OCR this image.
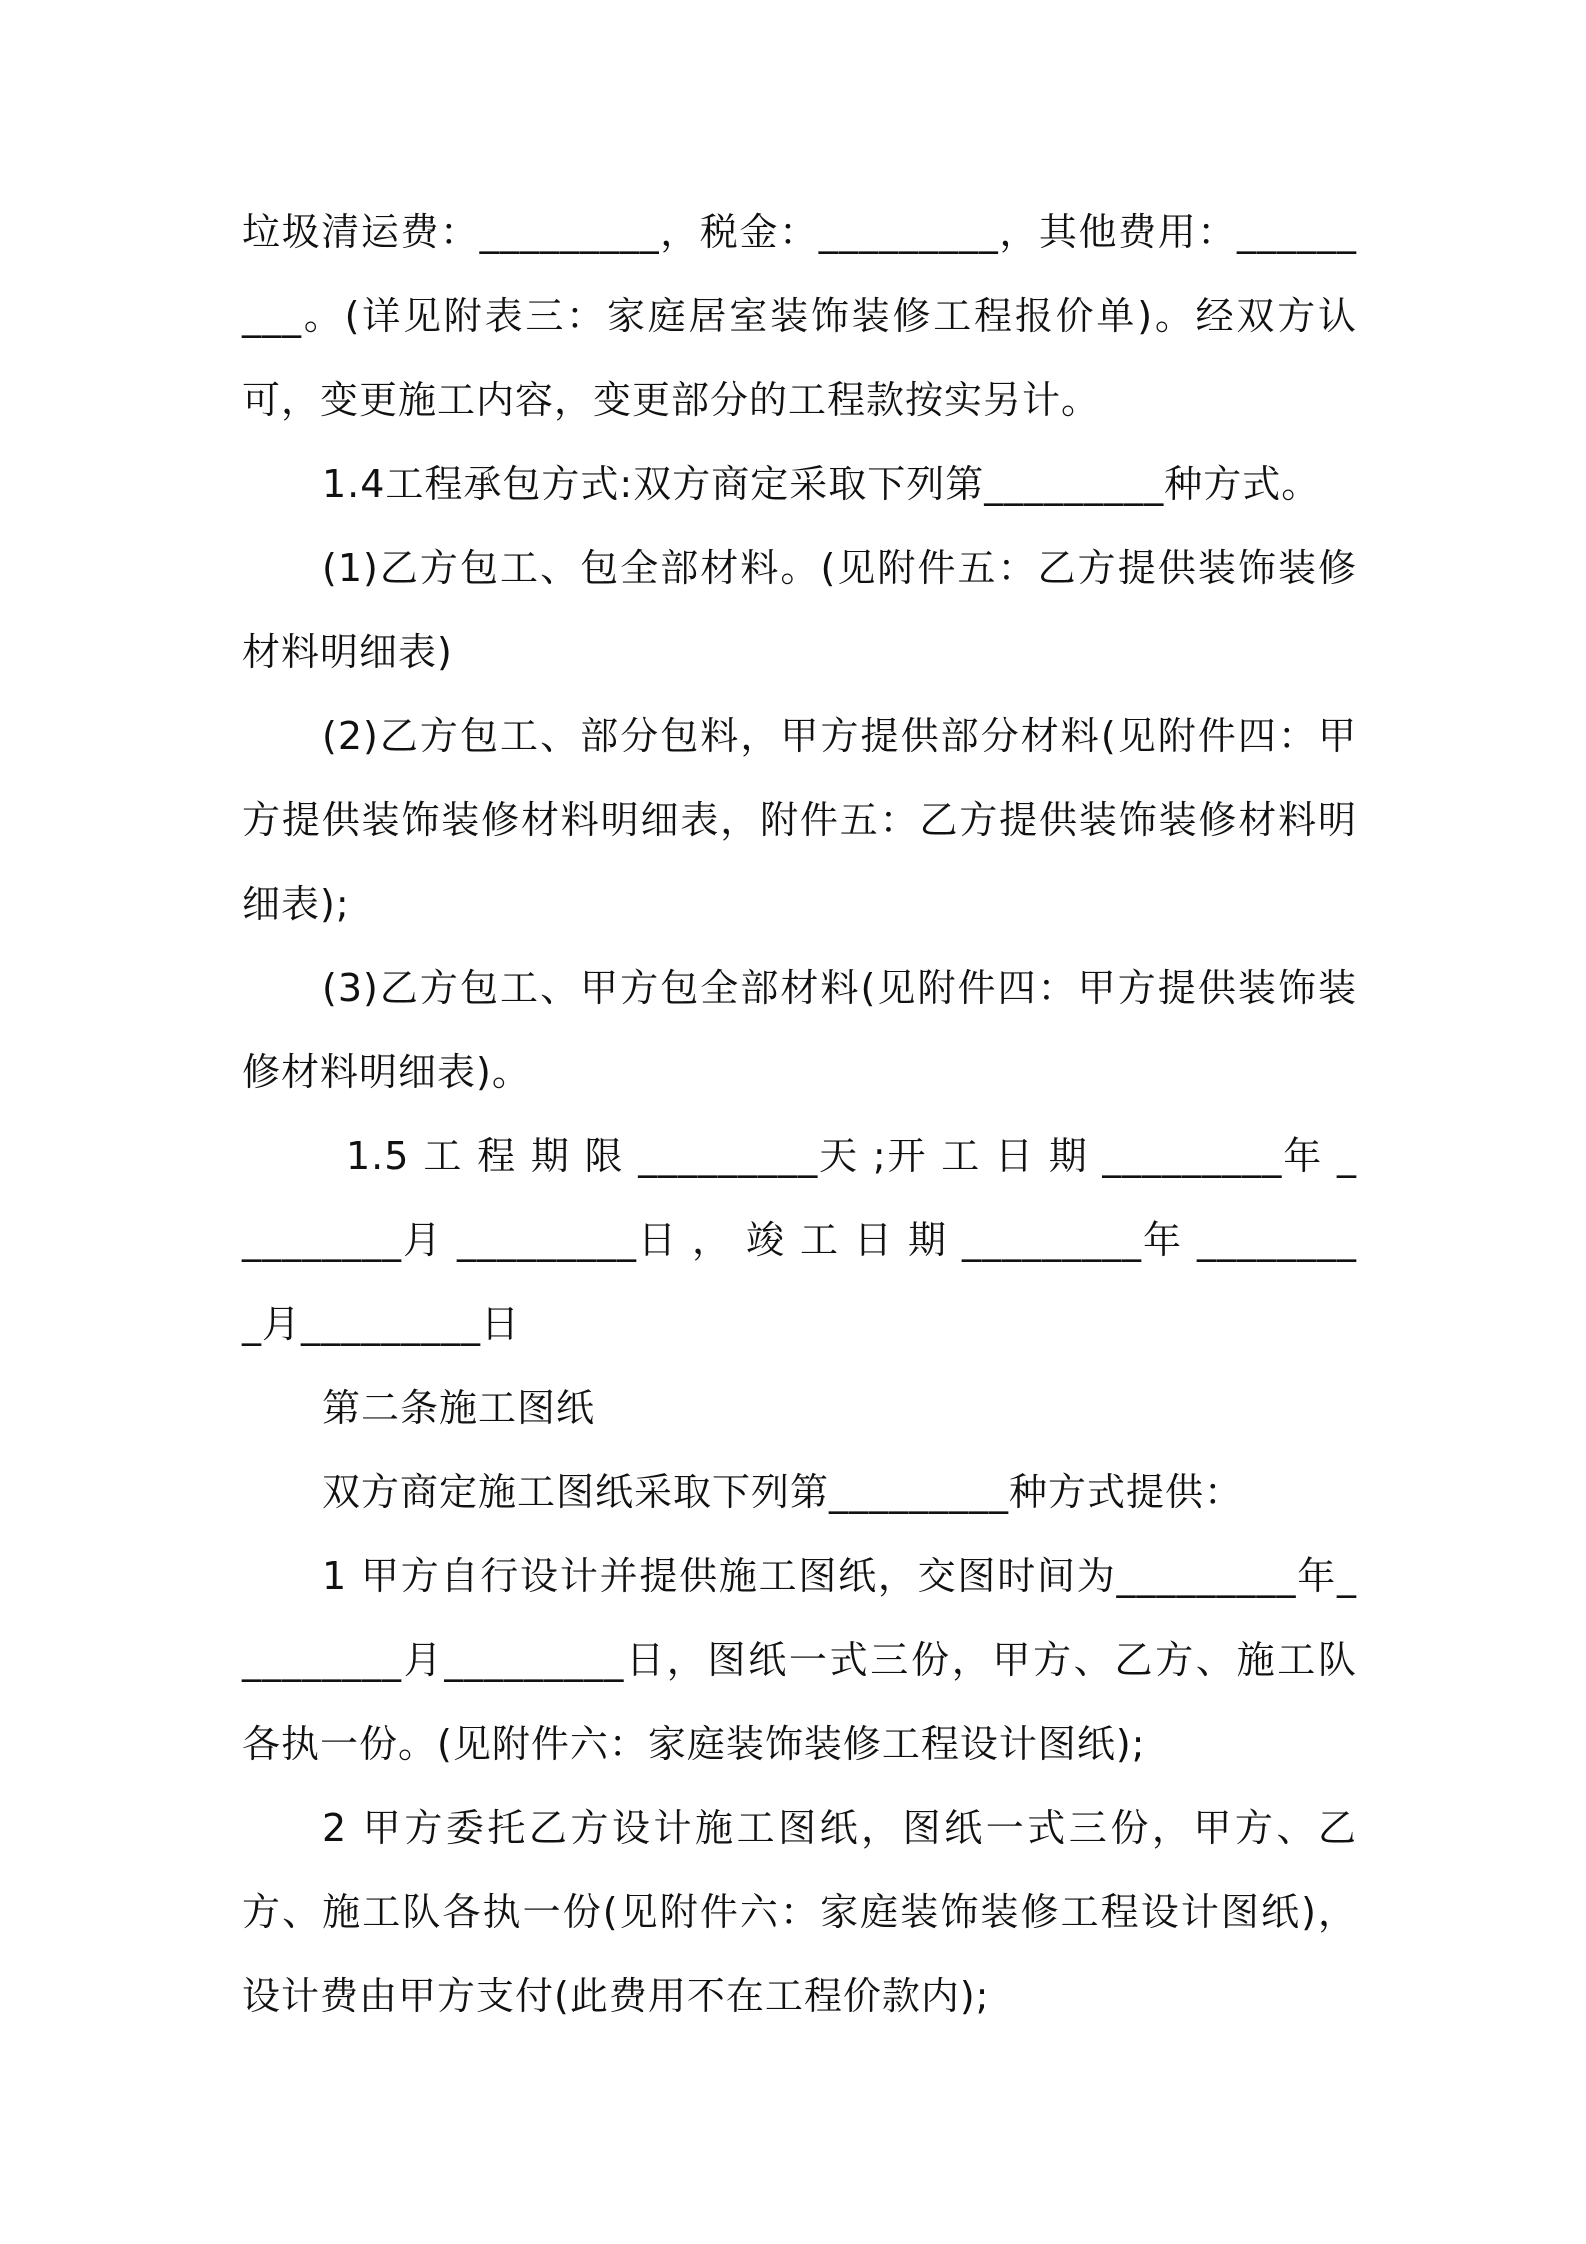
垃圾清运费：_________，税金：_________，其他费用：_________。(详见附表三：家庭居室装饰装修工程报价单)。经双方认可，变更施工内容，变更部分的工程款按实另计。

1.4工程承包方式:双方商定采取下列第_________种方式。

(1)乙方包工、包全部材料。(见附件五：乙方提供装饰装修材料明细表)

(2)乙方包工、部分包料，甲方提供部分材料(见附件四：甲方提供装饰装修材料明细表，附件五：乙方提供装饰装修材料明细表);

(3)乙方包工、甲方包全部材料(见附件四：甲方提供装饰装修材料明细表)。

1.5 工 程 期 限 _________天 ;开 工 日 期 _________年 _________月 _________日 ， 竣 工 日 期 _________年 _________月_________日

第二条施工图纸

双方商定施工图纸采取下列第_________种方式提供：

1 甲方自行设计并提供施工图纸，交图时间为_________年_________月_________日，图纸一式三份，甲方、乙方、施工队各执一份。(见附件六：家庭装饰装修工程设计图纸);

2 甲方委托乙方设计施工图纸，图纸一式三份，甲方、乙方、施工队各执一份(见附件六：家庭装饰装修工程设计图纸)，设计费由甲方支付(此费用不在工程价款内);
